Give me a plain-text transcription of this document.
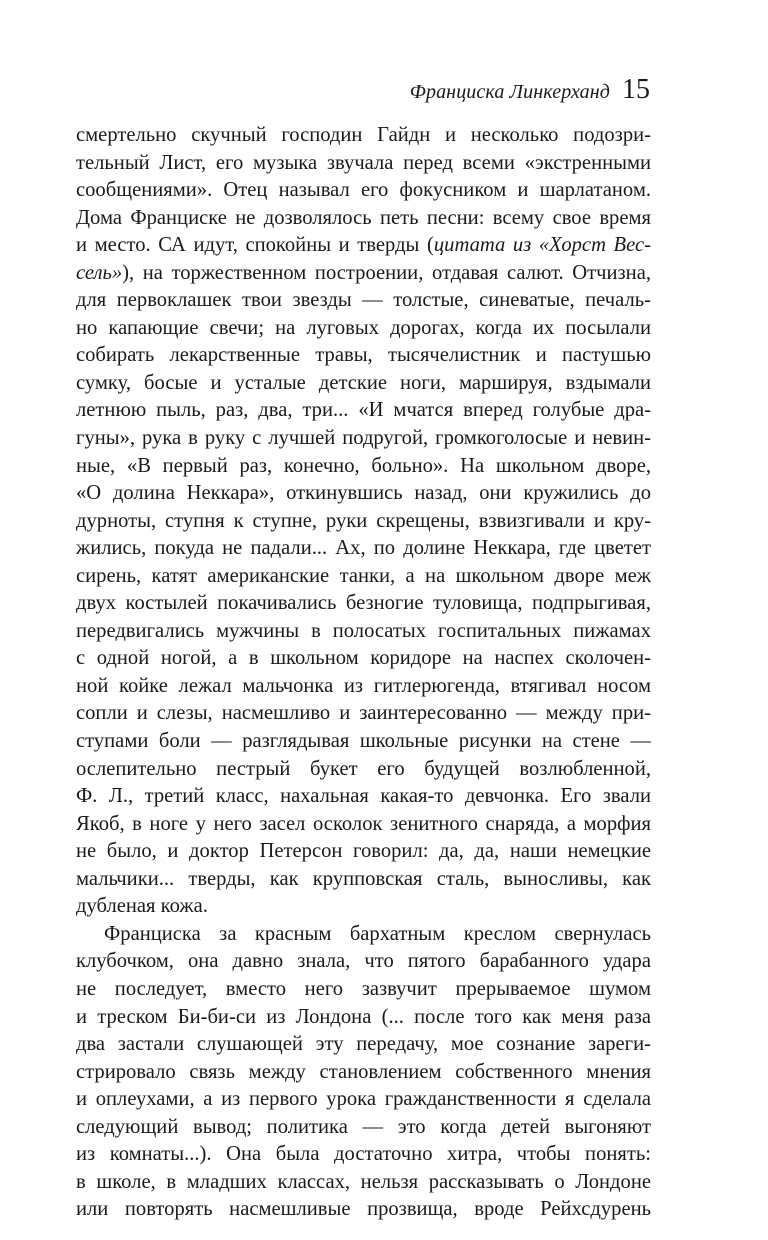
Франциска Линкерханд 15
смертельно скучный господин Гайдн и несколько подозри-
тельный Лист, его музыка звучала перед всеми «экстренными
сообщениями». Отец называл его фокусником и шарлатаном.
Дома Франциске не дозволялось петь песни: всему свое время
и место. СА идут, спокойны и тверды (цитата из «Хорст Вес-
сель»), на торжественном построении, отдавая салют. Отчизна,
для первоклашек твои звезды — толстые, синеватые, печаль-
но капающие свечи; на луговых дорогах, когда их посылали
собирать лекарственные травы, тысячелистник и пастушью
сумку, босые и усталые детские ноги, маршируя, вздымали
летнюю пыль, раз, два, три... «И мчатся вперед голубые дра-
гуны», рука в руку с лучшей подругой, громкоголосые и невин-
ные, «В первый раз, конечно, больно». На школьном дворе,
«О долина Неккара», откинувшись назад, они кружились до
дурноты, ступня к ступне, руки скрещены, взвизгивали и кру-
жились, покуда не падали... Ах, по долине Неккара, где цветет
сирень, катят американские танки, а на школьном дворе меж
двух костылей покачивались безногие туловища, подпрыгивая,
передвигались мужчины в полосатых госпитальных пижамах
с одной ногой, а в школьном коридоре на наспех сколочен-
ной койке лежал мальчонка из гитлерюгенда, втягивал носом
сопли и слезы, насмешливо и заинтересованно — между при-
ступами боли — разглядывая школьные рисунки на стене —
ослепительно пестрый букет его будущей возлюбленной,
Ф. Л., третий класс, нахальная какая-то девчонка. Его звали
Якоб, в ноге у него засел осколок зенитного снаряда, а морфия
не было, и доктор Петерсон говорил: да, да, наши немецкие
мальчики... тверды, как крупповская сталь, выносливы, как
дубленая кожа.
Франциска за красным бархатным креслом свернулась
клубочком, она давно знала, что пятого барабанного удара
не последует, вместо него зазвучит прерываемое шумом
и треском Би-би-си из Лондона (... после того как меня раза
два застали слушающей эту передачу, мое сознание зареги-
стрировало связь между становлением собственного мнения
и оплеухами, а из первого урока гражданственности я сделала
следующий вывод; политика — это когда детей выгоняют
из комнаты...). Она была достаточно хитра, чтобы понять:
в школе, в младших классах, нельзя рассказывать о Лондоне
или повторять насмешливые прозвища, вроде Рейхсдурень
